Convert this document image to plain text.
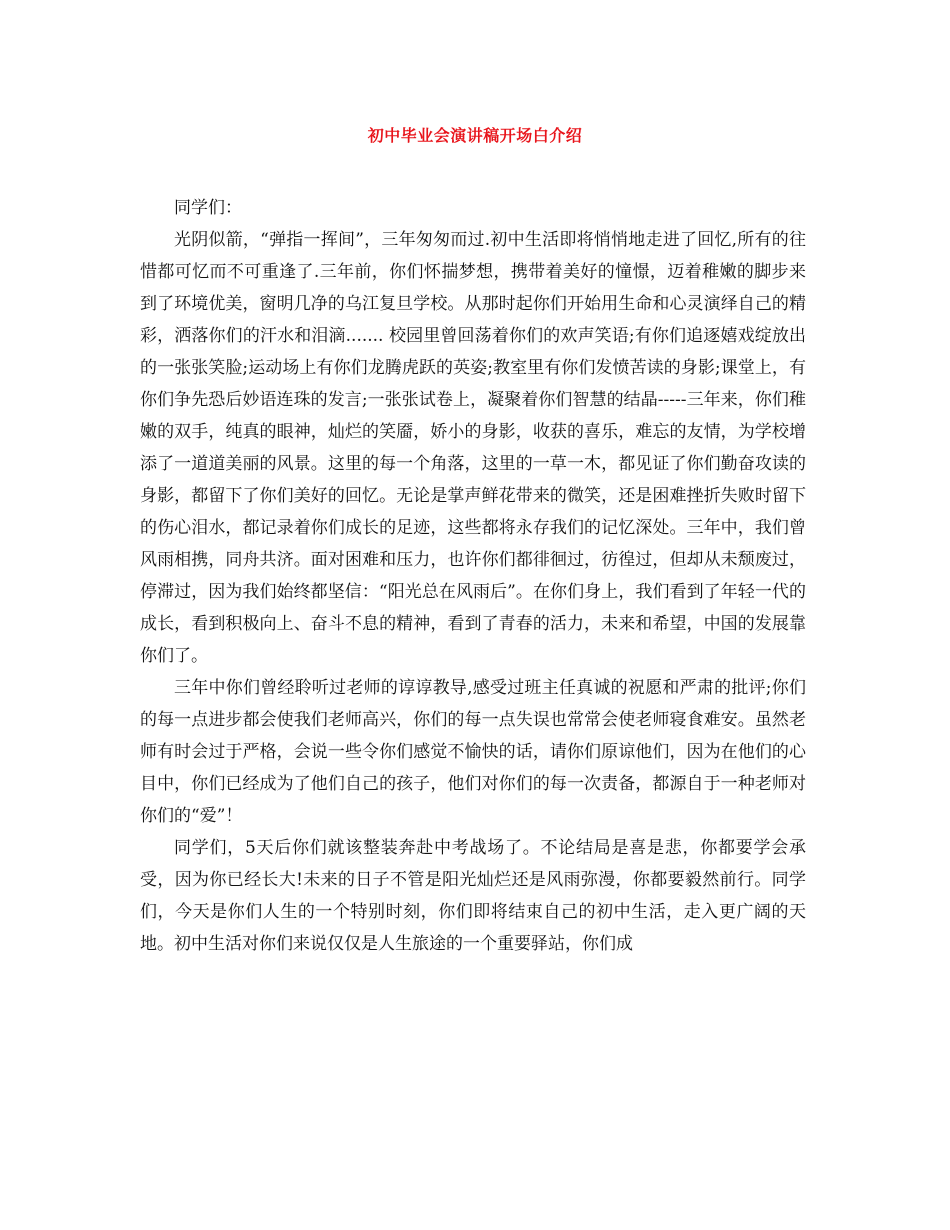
初中毕业会演讲稿开场白介绍

同学们：

光阴似箭，“弹指一挥间”，三年匆匆而过.初中生活即将悄悄地走进了回忆,所有的往惜都可忆而不可重逢了.三年前，你们怀揣梦想，携带着美好的憧憬，迈着稚嫩的脚步来到了环境优美，窗明几净的乌江复旦学校。从那时起你们开始用生命和心灵演绎自己的精彩，洒落你们的汗水和泪滴....... 校园里曾回荡着你们的欢声笑语;有你们追逐嬉戏绽放出的一张张笑脸;运动场上有你们龙腾虎跃的英姿;教室里有你们发愤苦读的身影;课堂上，有你们争先恐后妙语连珠的发言;一张张试卷上，凝聚着你们智慧的结晶-----三年来，你们稚嫩的双手，纯真的眼神，灿烂的笑靥，娇小的身影，收获的喜乐，难忘的友情，为学校增添了一道道美丽的风景。这里的每一个角落，这里的一草一木，都见证了你们勤奋攻读的身影，都留下了你们美好的回忆。无论是掌声鲜花带来的微笑，还是困难挫折失败时留下的伤心泪水，都记录着你们成长的足迹，这些都将永存我们的记忆深处。三年中，我们曾风雨相携，同舟共济。面对困难和压力，也许你们都徘徊过，彷徨过，但却从未颓废过，停滞过，因为我们始终都坚信：“阳光总在风雨后”。在你们身上，我们看到了年轻一代的成长，看到积极向上、奋斗不息的精神，看到了青春的活力，未来和希望，中国的发展靠你们了。

三年中你们曾经聆听过老师的谆谆教导,感受过班主任真诚的祝愿和严肃的批评;你们的每一点进步都会使我们老师高兴，你们的每一点失误也常常会使老师寝食难安。虽然老师有时会过于严格，会说一些令你们感觉不愉快的话，请你们原谅他们，因为在他们的心目中，你们已经成为了他们自己的孩子，他们对你们的每一次责备，都源自于一种老师对你们的“爱”！

同学们，5天后你们就该整装奔赴中考战场了。不论结局是喜是悲，你都要学会承受，因为你已经长大!未来的日子不管是阳光灿烂还是风雨弥漫，你都要毅然前行。同学们，今天是你们人生的一个特别时刻，你们即将结束自己的初中生活，走入更广阔的天地。初中生活对你们来说仅仅是人生旅途的一个重要驿站，你们成
